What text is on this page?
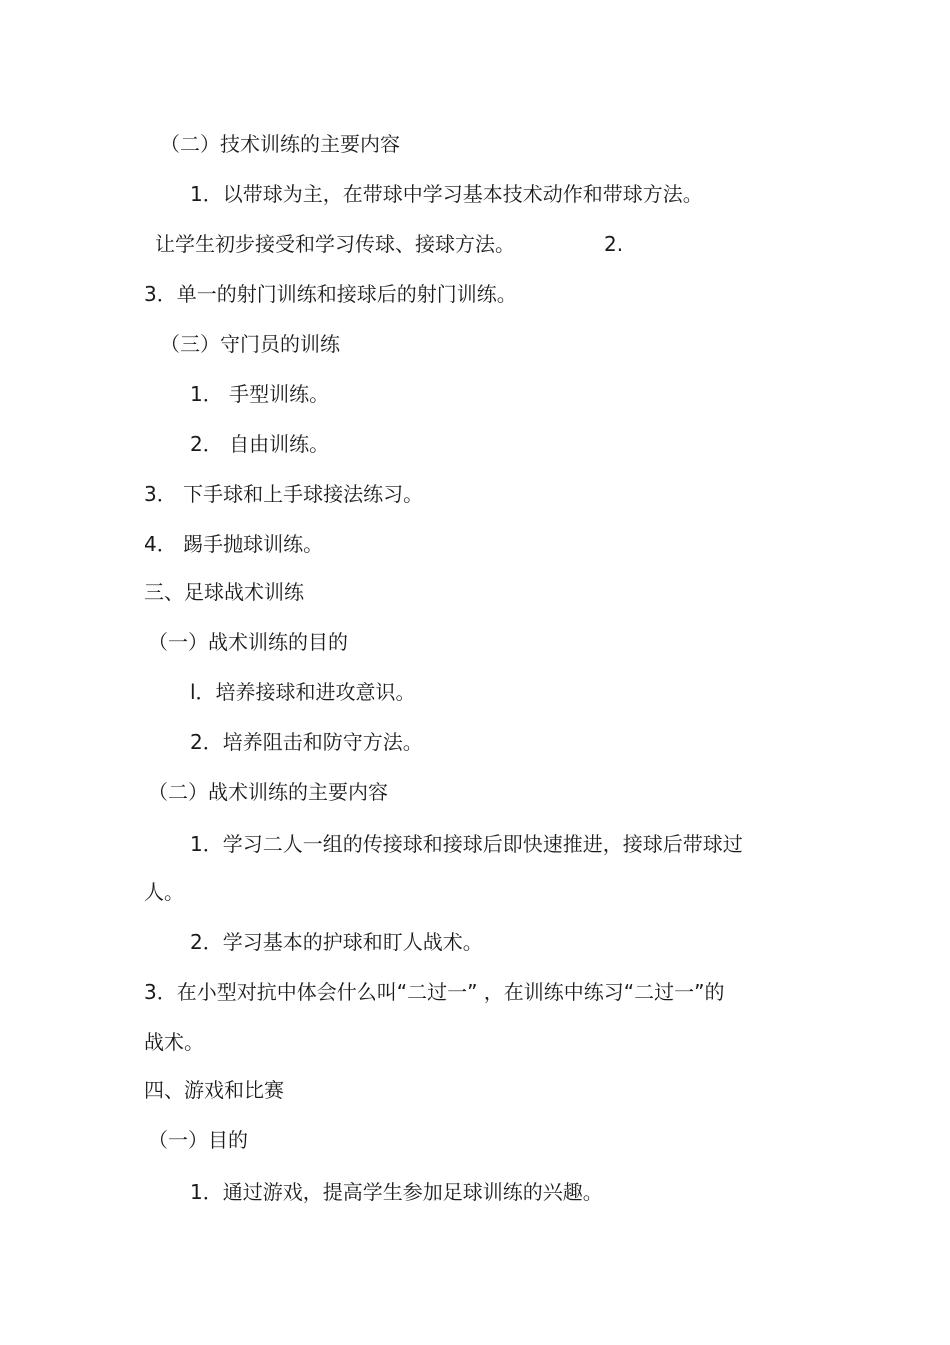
（二）技术训练的主要内容
1．以带球为主，在带球中学习基本技术动作和带球方法。
让学生初步接受和学习传球、接球方法。	2.
3．单一的射门训练和接球后的射门训练。
（三）守门员的训练
1． 手型训练。
2． 自由训练。
3． 下手球和上手球接法练习。
4． 踢手抛球训练。
三、足球战术训练
（一）战术训练的目的
l．培养接球和进攻意识。
2．培养阻击和防守方法。
（二）战术训练的主要内容
1．学习二人一组的传接球和接球后即快速推进，接球后带球过
人。
2．学习基本的护球和盯人战术。
3．在小型对抗中体会什么叫“二过一” ，在训练中练习“二过一”的
战术。
四、游戏和比赛
（一）目的
1．通过游戏，提高学生参加足球训练的兴趣。
